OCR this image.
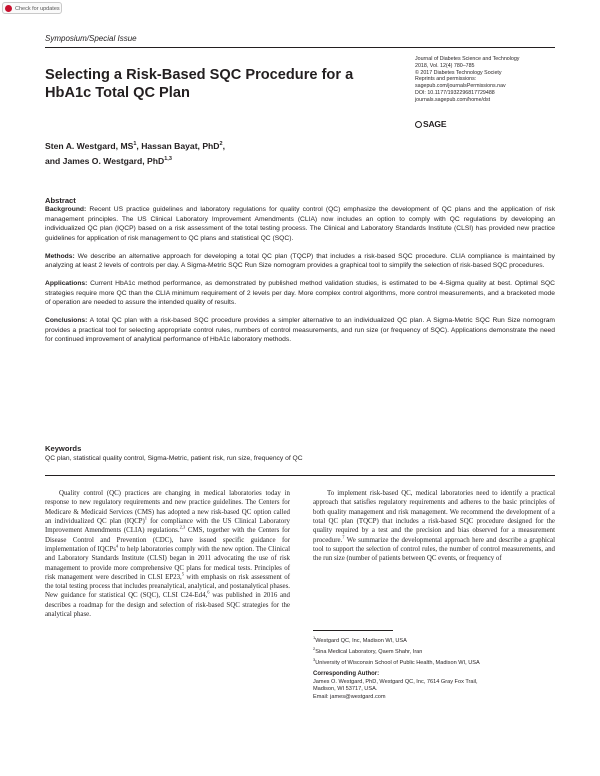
Check for updates
Symposium/Special Issue
Selecting a Risk-Based SQC Procedure for a HbA1c Total QC Plan
Journal of Diabetes Science and Technology
2018, Vol. 12(4) 780–785
© 2017 Diabetes Technology Society
Reprints and permissions:
sagepub.com/journalsPermissions.nav
DOI: 10.1177/1932296817729488
journals.sagepub.com/home/dst
SAGE
Sten A. Westgard, $MS^1$, Hassan Bayat, PhD$^2$,
and James O. Westgard, PhD$^{1,3}$
Abstract

Background: Recent US practice guidelines and laboratory regulations for quality control (QC) emphasize the development of QC plans and the application of risk management principles. The US Clinical Laboratory Improvement Amendments (CLIA) now includes an option to comply with QC regulations by developing an individualized QC plan (IQCP) based on a risk assessment of the total testing process. The Clinical and Laboratory Standards Institute (CLSI) has provided new practice guidelines for application of risk management to QC plans and statistical QC (SQC).

Methods: We describe an alternative approach for developing a total QC plan (TQCP) that includes a risk-based SQC procedure. CLIA compliance is maintained by analyzing at least 2 levels of controls per day. A Sigma-Metric SQC Run Size nomogram provides a graphical tool to simplify the selection of risk-based SQC procedures.

Applications: Current HbA1c method performance, as demonstrated by published method validation studies, is estimated to be 4-Sigma quality at best. Optimal SQC strategies require more QC than the CLIA minimum requirement of 2 levels per day. More complex control algorithms, more control measurements, and a bracketed mode of operation are needed to assure the intended quality of results.

Conclusions: A total QC plan with a risk-based SQC procedure provides a simpler alternative to an individualized QC plan. A Sigma-Metric SQC Run Size nomogram provides a practical tool for selecting appropriate control rules, numbers of control measurements, and run size (or frequency of SQC). Applications demonstrate the need for continued improvement of analytical performance of HbA1c laboratory methods.

Keywords
QC plan, statistical quality control, Sigma-Metric, patient risk, run size, frequency of QC

Quality control (QC) practices are changing in medical laboratories today in response to new regulatory requirements and new practice guidelines. The Centers for Medicare & Medicaid Services (CMS) has adopted a new risk-based QC option called an individualized QC plan (IQCP)$^1$ for compliance with the US Clinical Laboratory Improvement Amendments (CLIA) regulations.$^{2,3}$ CMS, together with the Centers for Disease Control and Prevention (CDC), have issued specific guidance for implementation of IQCPs$^4$ to help laboratories comply with the new option. The Clinical and Laboratory Standards Institute (CLSI) began in 2011 advocating the use of risk management to provide more comprehensive QC plans for medical tests. Principles of risk management were described in CLSI EP23,$^5$ with emphasis on risk assessment of the total testing process that includes preanalytical, analytical, and postanalytical phases. New guidance for statistical QC (SQC), CLSI C24-Ed4,$^6$ was published in 2016 and describes a roadmap for the design and selection of risk-based SQC strategies for the analytical phase.

To implement risk-based QC, medical laboratories need to identify a practical approach that satisfies regulatory requirements and adheres to the basic principles of both quality management and risk management. We recommend the development of a total QC plan (TQCP) that includes a risk-based SQC procedure designed for the quality required by a test and the precision and bias observed for a measurement procedure.$^7$ We summarize the developmental approach here and describe a graphical tool to support the selection of control rules, the number of control measurements, and the run size (number of patients between QC events, or frequency of

$^1$Westgard QC, Inc, Madison WI, USA
$^2$Sina Medical Laboratory, Qaem Shahr, Iran
$^3$University of Wisconsin School of Public Health, Madison WI, USA
Corresponding Author:
James O. Westgard, PhD, Westgard QC, Inc, 7614 Gray Fox Trail,
Madison, WI 53717, USA.
Email: james@westgard.com
